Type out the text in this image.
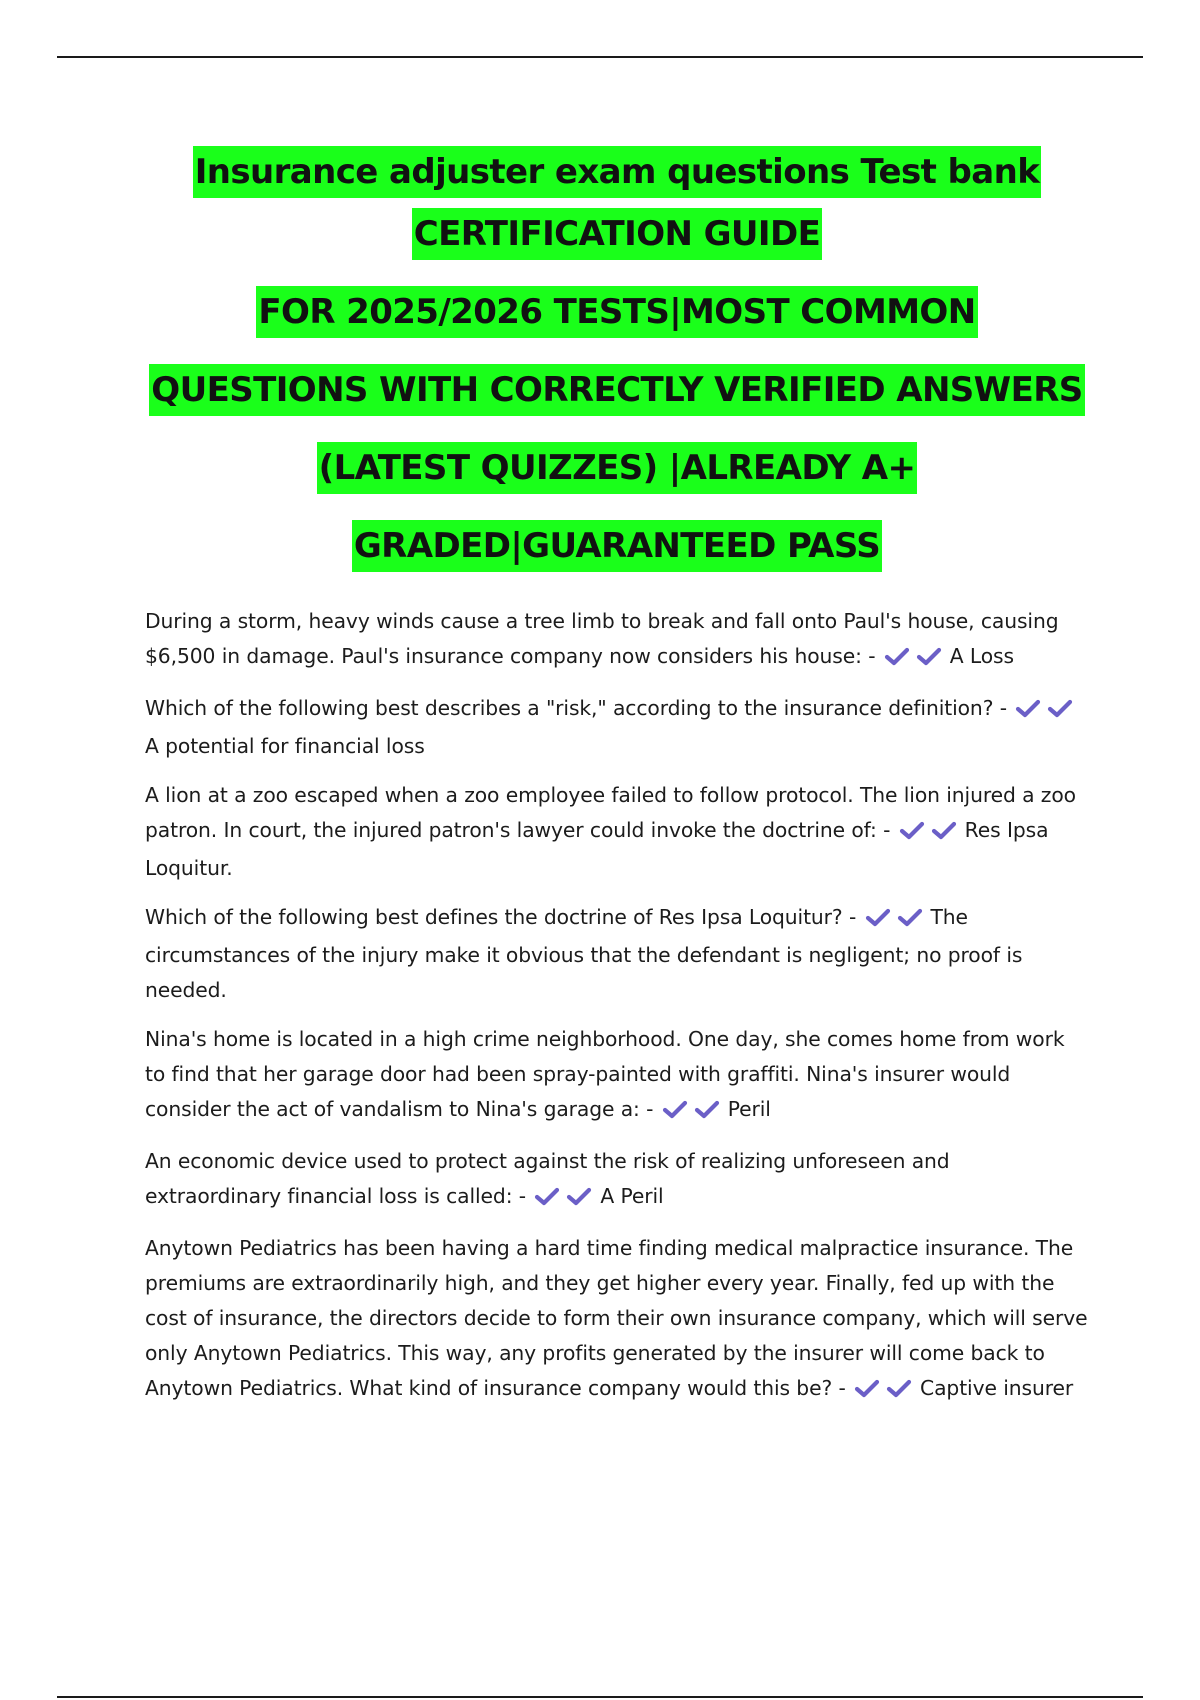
Insurance adjuster exam questions Test bank
CERTIFICATION GUIDE
FOR 2025/2026 TESTS|MOST COMMON
QUESTIONS WITH CORRECTLY VERIFIED ANSWERS
(LATEST QUIZZES) |ALREADY A+
GRADED|GUARANTEED PASS
During a storm, heavy winds cause a tree limb to break and fall onto Paul's house, causing $6,500 in damage. Paul's insurance company now considers his house: -	A Loss
Which of the following best describes a "risk," according to the insurance definition? -
A potential for financial loss
A lion at a zoo escaped when a zoo employee failed to follow protocol. The lion injured a zoo patron. In court, the injured patron's lawyer could invoke the doctrine of: -	Res Ipsa Loquitur.
Which of the following best defines the doctrine of Res Ipsa Loquitur? -	The circumstances of the injury make it obvious that the defendant is negligent; no proof is needed.
Nina's home is located in a high crime neighborhood. One day, she comes home from work to find that her garage door had been spray-painted with graffiti. Nina's insurer would consider the act of vandalism to Nina's garage a: -	Peril
An economic device used to protect against the risk of realizing unforeseen and extraordinary financial loss is called: -	A Peril
Anytown Pediatrics has been having a hard time finding medical malpractice insurance. The premiums are extraordinarily high, and they get higher every year. Finally, fed up with the cost of insurance, the directors decide to form their own insurance company, which will serve only Anytown Pediatrics. This way, any profits generated by the insurer will come back to Anytown Pediatrics. What kind of insurance company would this be? -	Captive insurer
